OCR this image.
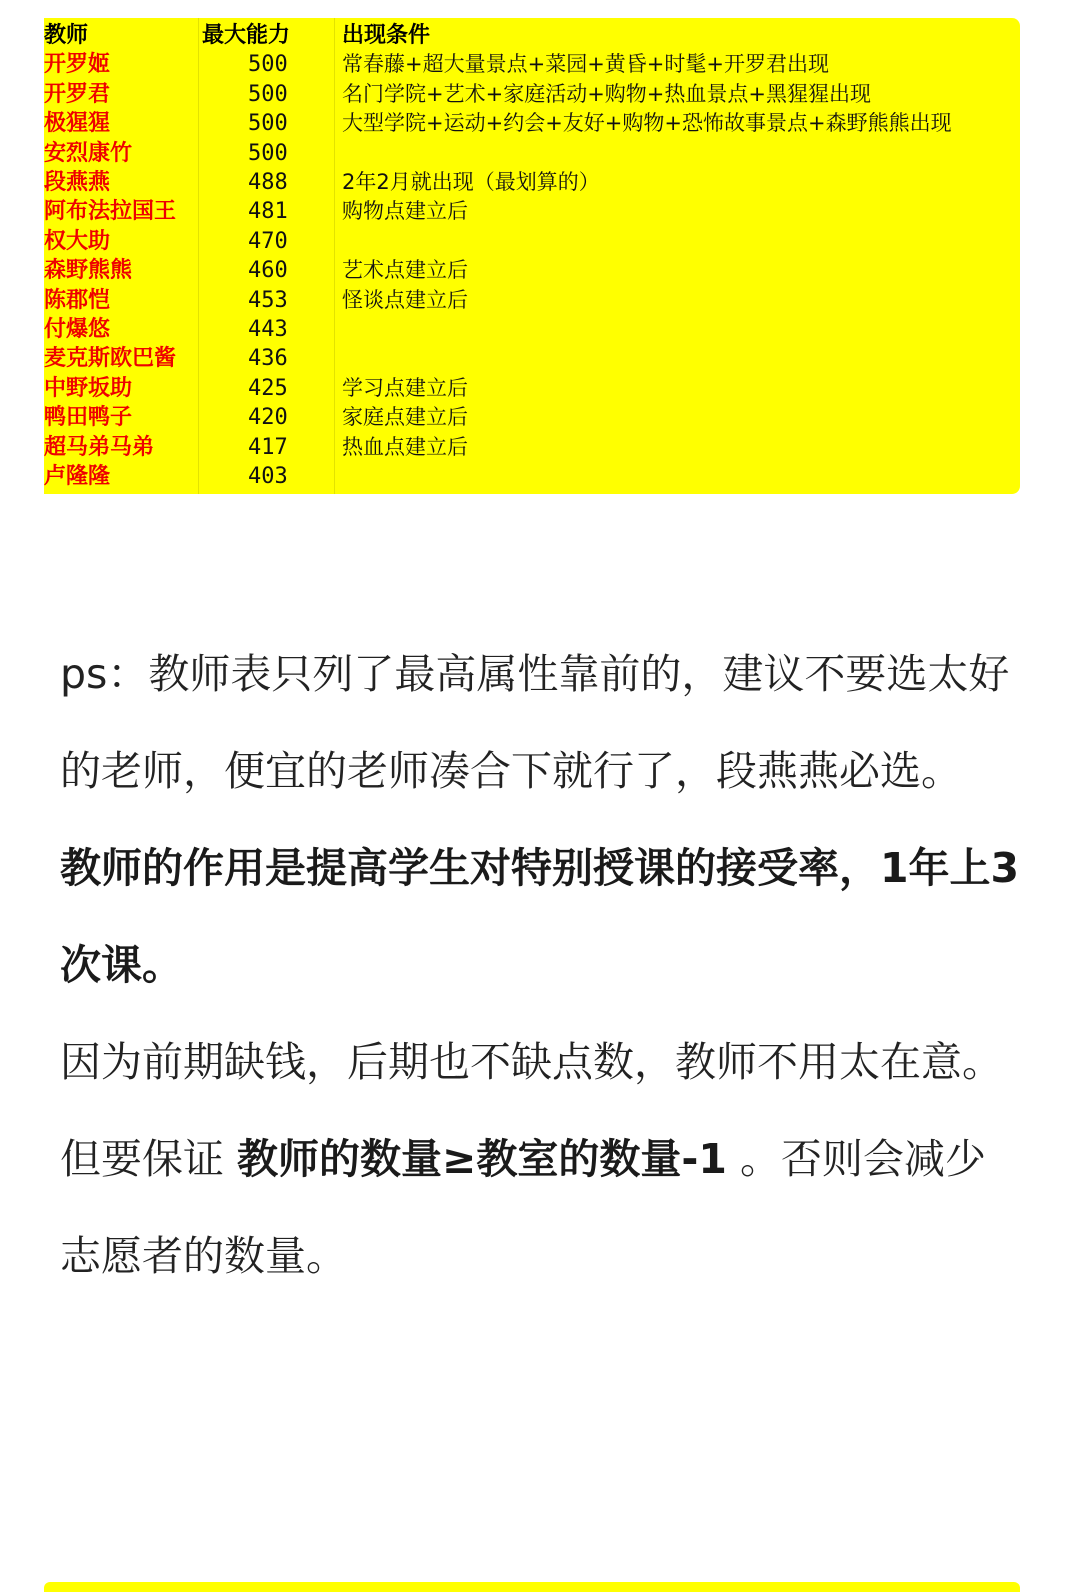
教师	最大能力 出现条件
开罗姬	500	常春藤+超大量景点+菜园+黄昏+时髦+开罗君出现
开罗君	500	名门学院+艺术+家庭活动+购物+热血景点+黑猩猩出现
极猩猩	500	大型学院+运动+约会+友好+购物+恐怖故事景点+森野熊熊出现
安烈康竹	500
段燕燕	488	2年2月就出现（最划算的）
阿布法拉国王	481	购物点建立后
权大助	470
森野熊熊	460	艺术点建立后
陈郡恺	453	怪谈点建立后
付爆悠	443
麦克斯欧巴酱	436
中野坂助	425	学习点建立后
鸭田鸭子	420	家庭点建立后
超马弟马弟	417	热血点建立后
卢隆隆	403

ps：教师表只列了最高属性靠前的，建议不要选太好的老师，便宜的老师凑合下就行了，段燕燕必选。

教师的作用是提高学生对特别授课的接受率，1年上3次课。

因为前期缺钱，后期也不缺点数，教师不用太在意。

但要保证 教师的数量≥教室的数量-1 。否则会减少志愿者的数量。
